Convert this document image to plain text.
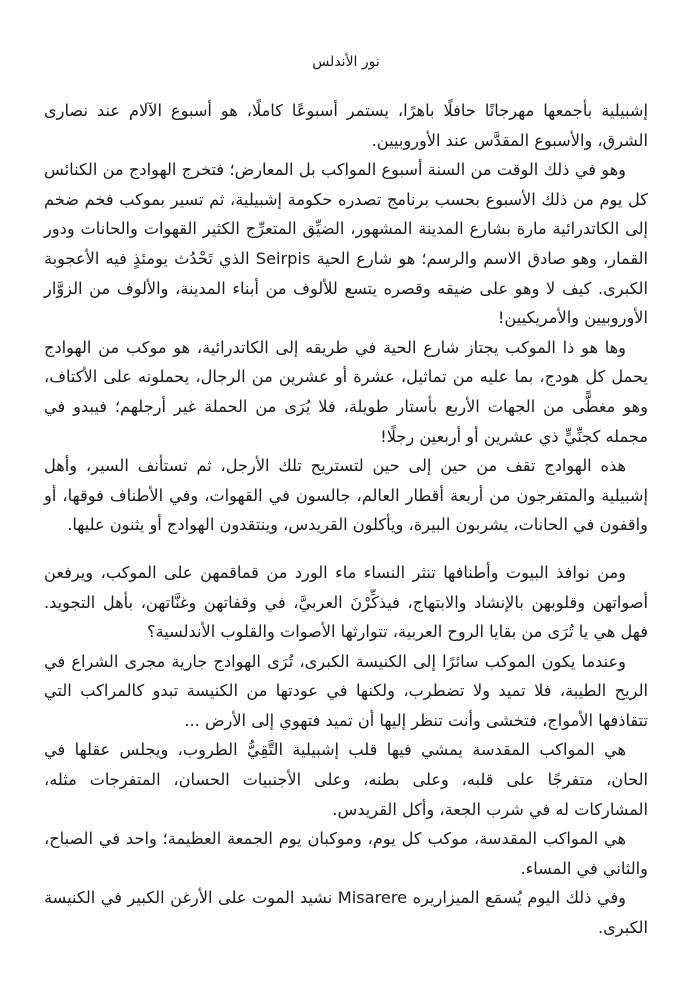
نور الأندلس

إشبيلية بأجمعها مهرجانًا حافلًا باهرًا، يستمر أسبوعًا كاملًا، هو أسبوع الآلام عند نصارى الشرق، والأسبوع المقدَّس عند الأوروبيين.

وهو في ذلك الوقت من السنة أسبوع المواكب بل المعارض؛ فتخرج الهوادج من الكنائس كل يوم من ذلك الأسبوع بحسب برنامج تصدره حكومة إشبيلية، ثم تسير بموكب فخم ضخم إلى الكاتدرائية مارة بشارع المدينة المشهور، الضيِّق المتعرِّج الكثير القهوات والحانات ودور القمار، وهو صادق الاسم والرسم؛ هو شارع الحية Seirpis الذي تَحْدُث يومئذٍ فيه الأعجوبة الكبرى. كيف لا وهو على ضيقه وقصره يتسع للألوف من أبناء المدينة، والألوف من الزوَّار الأوروبيين والأمريكيين!

وها هو ذا الموكب يجتاز شارع الحية في طريقه إلى الكاتدرائية، هو موكب من الهوادج يحمل كل هودج، بما عليه من تماثيل، عشرة أو عشرين من الرجال، يحملونه على الأكتاف، وهو مغطًّى من الجهات الأربع بأستار طويلة، فلا يُرَى من الحملة غير أرجلهم؛ فيبدو في مجمله كجنِّيٍّ ذي عشرين أو أربعين رجلًا!

هذه الهوادج تقف من حين إلى حين لتستريح تلك الأرجل، ثم تستأنف السير، وأهل إشبيلية والمتفرجون من أربعة أقطار العالم، جالسون في القهوات، وفي الأطناف فوقها، أو واقفون في الحانات، يشربون البيرة، ويأكلون القريدس، وينتقدون الهوادج أو يثنون عليها.

ومن نوافذ البيوت وأطنافها تنثر النساء ماء الورد من قماقمهن على الموكب، ويرفعن أصواتهن وقلوبهن بالإنشاد والابتهاج، فيذكِّرْنَ العربيَّ، في وقفاتهن وغنَّاتهن، بأهل التجويد. فهل هي يا تُرَى من بقايا الروح العربية، تتوارثها الأصوات والقلوب الأندلسية؟

وعندما يكون الموكب سائرًا إلى الكنيسة الكبرى، تُرَى الهوادج جارية مجرى الشراع في الريح الطيبة، فلا تميد ولا تضطرب، ولكنها في عودتها من الكنيسة تبدو كالمراكب التي تتقاذفها الأمواج، فتخشى وأنت تنظر إليها أن تميد فتهوي إلى الأرض ...

هي المواكب المقدسة يمشي فيها قلب إشبيلية التَّقِيُّ الطروب، ويجلس عقلها في الحان، متفرجًا على قلبه، وعلى بطنه، وعلى الأجنبيات الحسان، المتفرجات مثله، المشاركات له في شرب الجعة، وأكل القريدس.

هي المواكب المقدسة، موكب كل يوم، وموكبان يوم الجمعة العظيمة؛ واحد في الصباح، والثاني في المساء.

وفي ذلك اليوم يُسمَع الميزاريره Misarere نشيد الموت على الأرغن الكبير في الكنيسة الكبرى.
